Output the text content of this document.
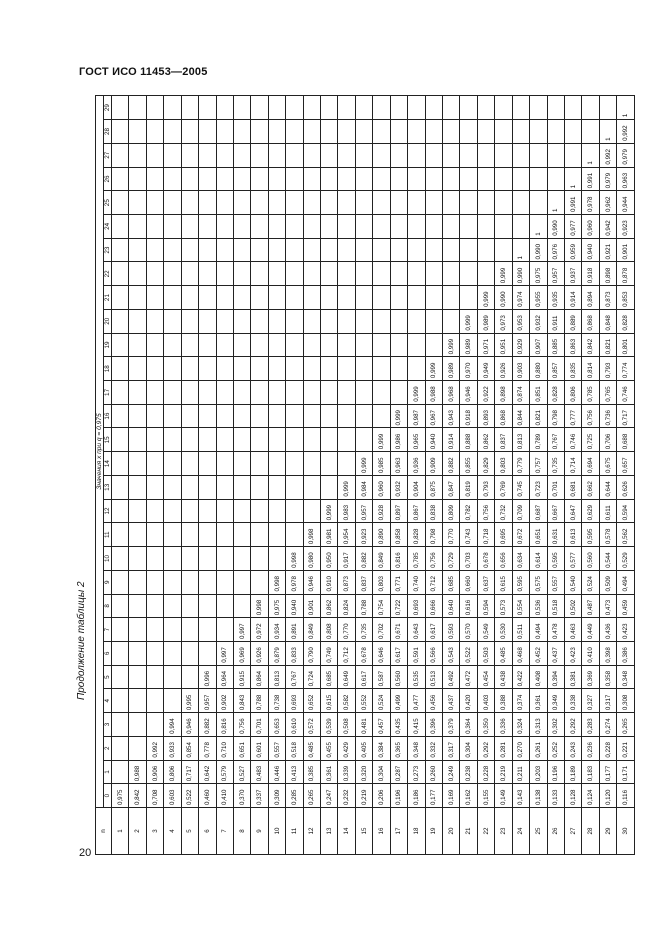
ГОСТ ИСО 11453—2005
Продолжение таблицы 2
n	Значения x при q = 0,975																													
	0	1	2	3	4	5	6	7	8	9	10	11	12	13	14	15	16	17	18	19	20	21	22	23	24	25	26	27	28	29
1	0,975																													
2	0,842	0,988																												
3	0,708	0,906	0,992																											
4	0,603	0,806	0,933	0,994																										
5	0,522	0,717	0,854	0,946	0,995																									
6	0,460	0,642	0,778	0,882	0,957	0,996																								
7	0,410	0,579	0,710	0,816	0,902	0,964	0,997																							
8	0,370	0,527	0,651	0,756	0,843	0,915	0,969	0,997																						
9	0,337	0,483	0,601	0,701	0,788	0,864	0,926	0,972	0,998																					
10	0,309	0,446	0,557	0,653	0,738	0,813	0,879	0,934	0,975	0,998																				
11	0,285	0,413	0,518	0,610	0,693	0,767	0,833	0,891	0,940	0,978	0,998																			
12	0,265	0,385	0,485	0,572	0,652	0,724	0,790	0,849	0,901	0,946	0,980	0,998																		
13	0,247	0,361	0,455	0,539	0,615	0,685	0,749	0,808	0,862	0,910	0,950	0,981	0,999																	
14	0,232	0,339	0,429	0,508	0,582	0,649	0,712	0,770	0,824	0,873	0,917	0,954	0,983	0,999																
15	0,219	0,320	0,405	0,481	0,552	0,617	0,678	0,735	0,788	0,837	0,882	0,923	0,957	0,984	0,999															
16	0,206	0,304	0,384	0,457	0,524	0,587	0,646	0,702	0,754	0,803	0,849	0,890	0,928	0,960	0,985	0,999														
17	0,196	0,287	0,365	0,435	0,499	0,560	0,617	0,671	0,722	0,771	0,816	0,858	0,897	0,932	0,963	0,986	0,999													
18	0,186	0,273	0,348	0,415	0,477	0,535	0,591	0,643	0,693	0,740	0,785	0,828	0,867	0,904	0,936	0,965	0,987	0,999												
19	0,177	0,260	0,332	0,396	0,456	0,513	0,566	0,617	0,666	0,712	0,756	0,798	0,838	0,875	0,909	0,940	0,967	0,988	0,999											
20	0,169	0,249	0,317	0,379	0,437	0,492	0,543	0,593	0,640	0,685	0,729	0,770	0,809	0,847	0,882	0,914	0,943	0,968	0,989	0,999										
21	0,162	0,238	0,304	0,364	0,420	0,472	0,522	0,570	0,616	0,660	0,703	0,743	0,782	0,819	0,855	0,888	0,918	0,946	0,970	0,989	0,999									
22	0,155	0,228	0,292	0,350	0,403	0,454	0,503	0,549	0,594	0,637	0,678	0,718	0,756	0,793	0,829	0,862	0,893	0,922	0,949	0,971	0,989	0,999								
23	0,149	0,219	0,281	0,336	0,388	0,438	0,485	0,530	0,573	0,615	0,656	0,695	0,732	0,769	0,803	0,837	0,868	0,898	0,926	0,951	0,973	0,990	0,999							
24	0,143	0,211	0,270	0,324	0,374	0,422	0,468	0,511	0,554	0,595	0,634	0,672	0,709	0,745	0,779	0,813	0,844	0,874	0,903	0,929	0,953	0,974	0,990	1						
25	0,138	0,203	0,261	0,313	0,361	0,408	0,452	0,494	0,536	0,575	0,614	0,651	0,687	0,723	0,757	0,789	0,821	0,851	0,880	0,907	0,932	0,955	0,975	0,990	1					
26	0,133	0,196	0,252	0,302	0,349	0,394	0,437	0,478	0,518	0,557	0,595	0,631	0,667	0,701	0,735	0,767	0,798	0,828	0,857	0,885	0,911	0,935	0,957	0,976	0,990	1				
27	0,128	0,189	0,243	0,292	0,338	0,381	0,423	0,463	0,502	0,540	0,577	0,613	0,647	0,681	0,714	0,746	0,777	0,806	0,835	0,863	0,889	0,914	0,937	0,959	0,977	0,991	1			
28	0,124	0,183	0,236	0,283	0,327	0,369	0,410	0,449	0,487	0,524	0,560	0,595	0,629	0,662	0,694	0,725	0,756	0,785	0,814	0,842	0,868	0,894	0,918	0,940	0,960	0,978	0,991	1		
29	0,120	0,177	0,228	0,274	0,317	0,358	0,398	0,436	0,473	0,509	0,544	0,578	0,611	0,644	0,675	0,706	0,736	0,765	0,793	0,821	0,848	0,873	0,898	0,921	0,942	0,962	0,979	0,992	1	
30	0,116	0,171	0,221	0,265	0,308	0,348	0,386	0,423	0,459	0,494	0,529	0,562	0,594	0,626	0,657	0,688	0,717	0,746	0,774	0,801	0,828	0,853	0,878	0,901	0,923	0,944	0,963	0,979	0,992	1
20
